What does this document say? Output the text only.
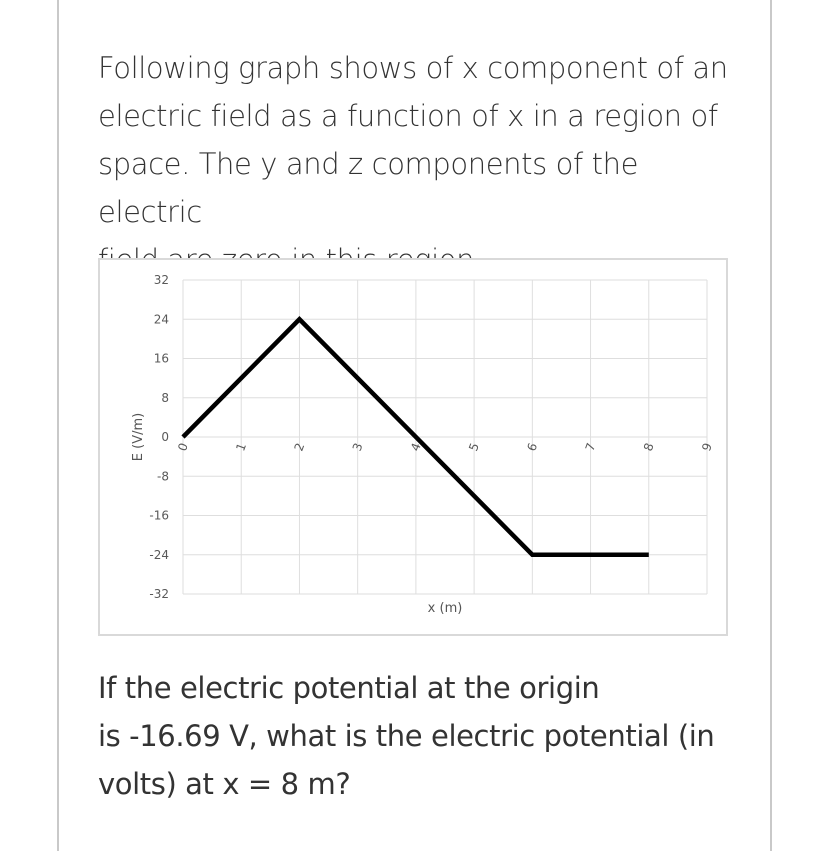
Following graph shows of x component of an
electric field as a function of x in a region of
space. The y and z components of the electric
32
24
16
8
0
-8
-16
-24
-32
0	1	2	3	4	5	6	7	8	9
E (V/m)
x (m)
If the electric potential at the origin
is -16.69 V, what is the electric potential (in
volts) at x = 8 m?
